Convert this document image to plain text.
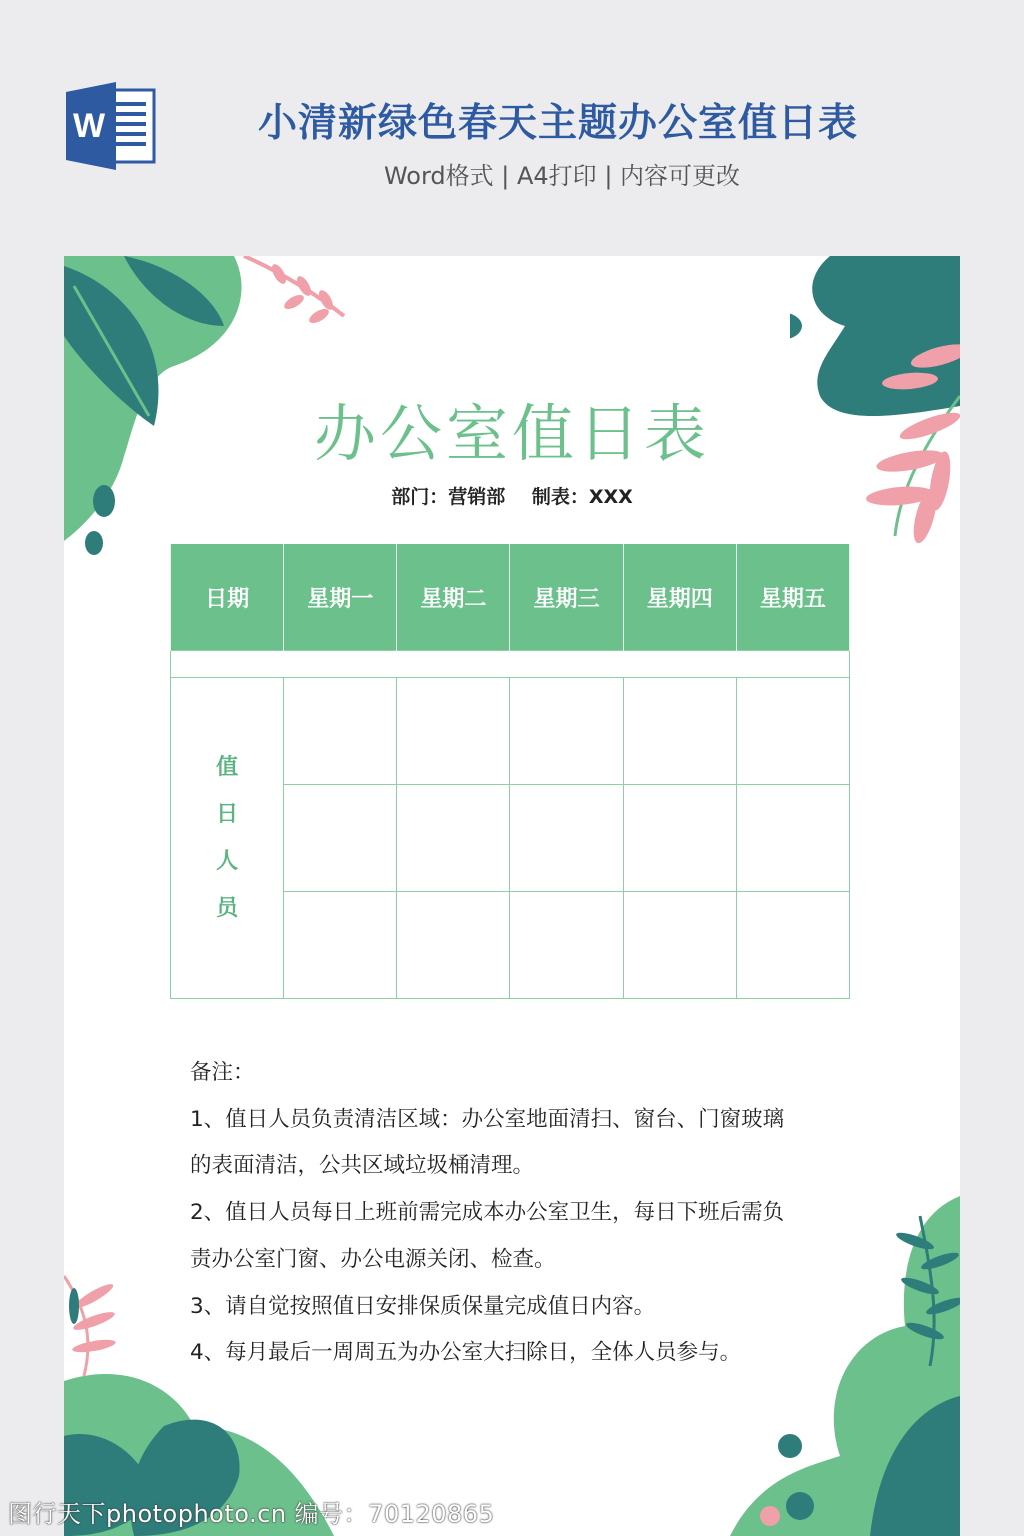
W	小清新绿色春天主题办公室值日表
Word格式 | A4打印 | 内容可更改
办公室值日表
部门：营销部 制表：XXX
日期	星期一	星期二	星期三	星期四	星期五

值
日
人
员					

备注：

1、值日人员负责清洁区域：办公室地面清扫、窗台、门窗玻璃

的表面清洁，公共区域垃圾桶清理。

2、值日人员每日上班前需完成本办公室卫生，每日下班后需负

责办公室门窗、办公电源关闭、检查。

3、请自觉按照值日安排保质保量完成值日内容。

4、每月最后一周周五为办公室大扫除日，全体人员参与。

图行天下photophoto.cn 编号：70120865
